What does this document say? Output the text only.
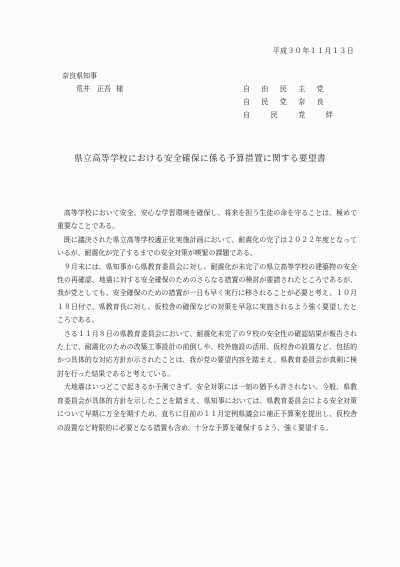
平成３０年１１月１３日
奈良県知事
荒井　正吾 様	自　由　民　主　党
自　民　党　奈　良
自　　民　　党　　絆
県立高等学校における安全確保に係る予算措置に関する要望書

高等学校において安全、安心な学習環境を確保し、将来を担う生徒の命を守ることは、極めて重要なことである。

既に議決された県立高等学校適正化実施計画において、耐震化の完了は２０２２年度となっているが、耐震化が完了するまでの安全対策が喫緊の課題である。

９月末には、県知事から県教育委員会に対し、耐震化が未完了の県立高等学校の建築物の安全性の再確認、地震に対する安全確保のためのさらなる措置の検討が要請されたところであるが、我が党としても、安全確保のための措置が一日も早く実行に移されることが必要と考え、１０月１８日付で、県教育長に対し、仮校舎の確保などの対策を早急に実施されるよう強く要望したところである。

さる１１月８日の県教育委員会において、耐震化未完了の９校の安全性の確認結果が報告された上で、耐震化のための改築工事設計の前倒しや、校外施設の活用、仮校舎の設置など、包括的かつ具体的な対応方針が示されたことは、我が党の要望内容を踏まえ、県教育委員会が真剣に検討を行った結果であると考えている。

大地震はいつどこで起きるか予測できず、安全対策には一刻の猶予も許されない。今般、県教育委員会が具体的方針を示したことを踏まえ、県知事においては、県教育委員会による安全対策について早期に万全を期すため、直ちに目前の１１月定例県議会に補正予算案を提出し、仮校舎の設置など時限的に必要となる措置も含め、十分な予算を確保するよう、強く要望する。
